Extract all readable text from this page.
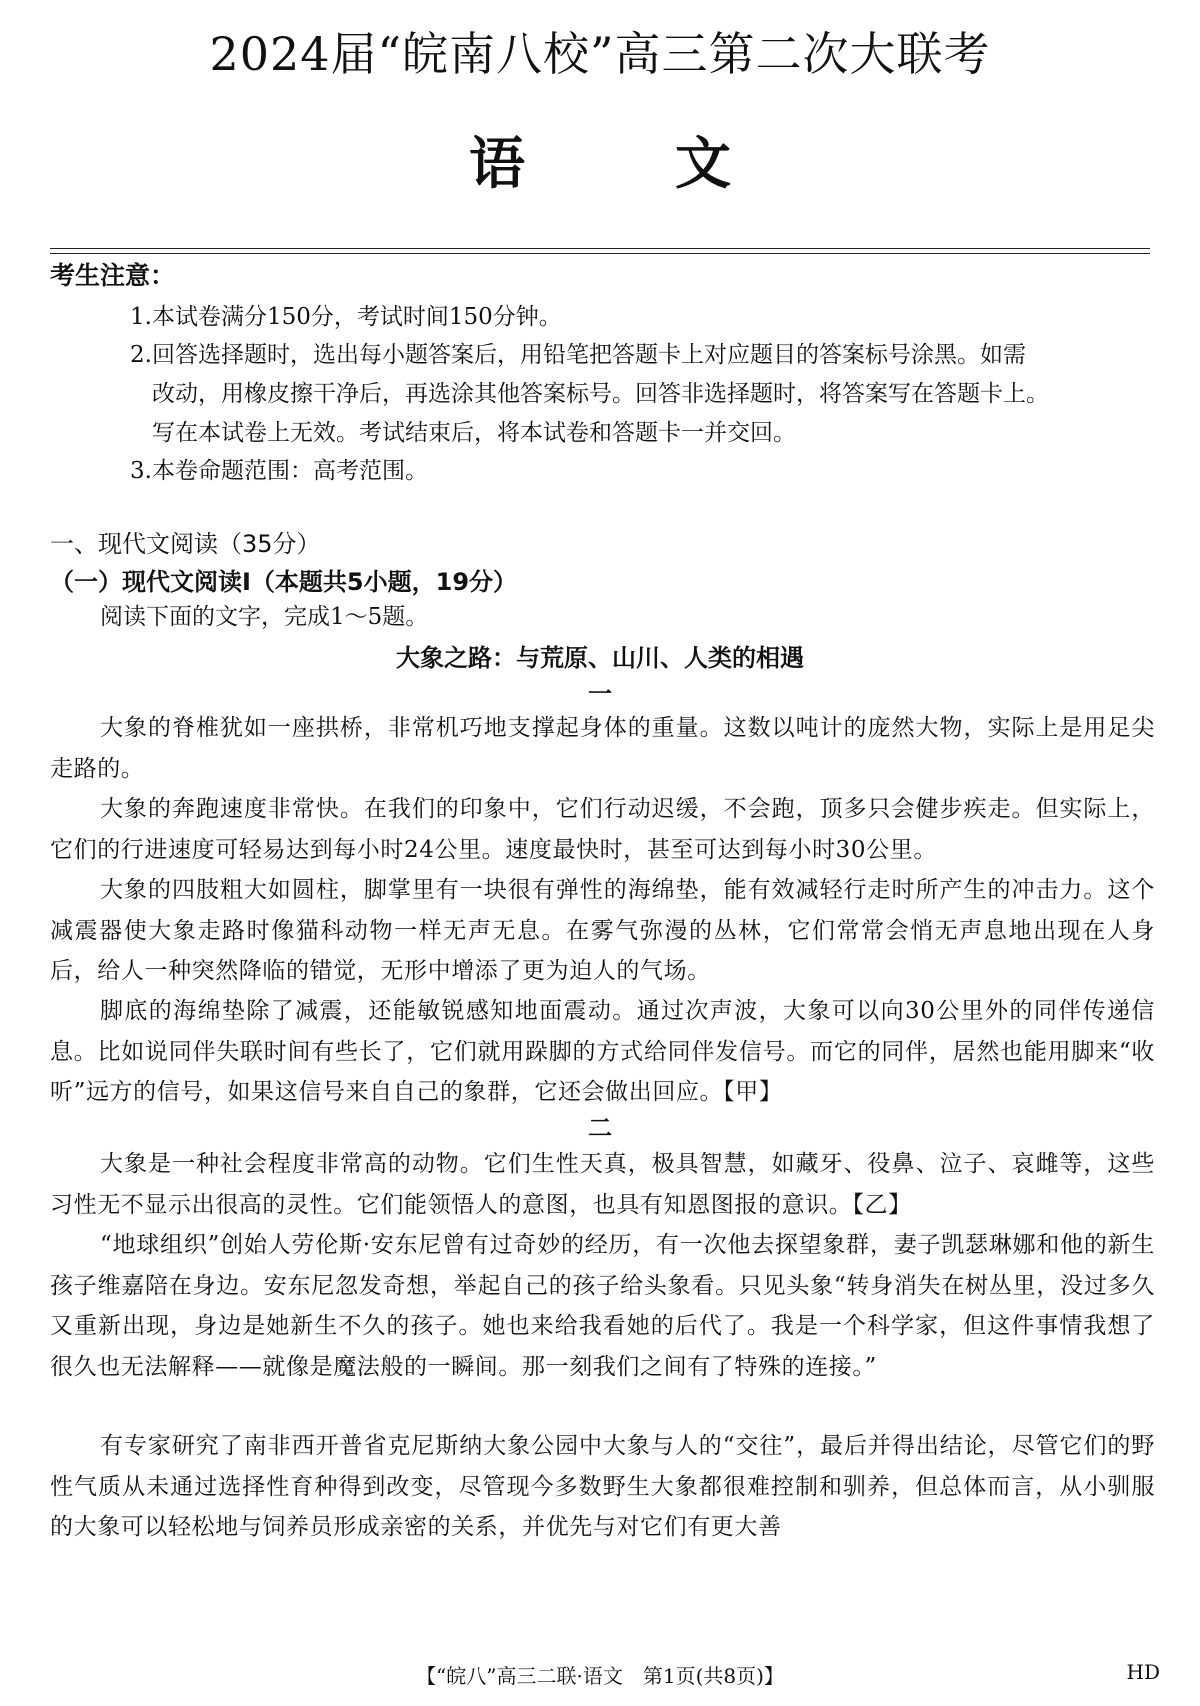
2024届“皖南八校”高三第二次大联考
语文
考生注意：
1.本试卷满分150分，考试时间150分钟。
2.回答选择题时，选出每小题答案后，用铅笔把答题卡上对应题目的答案标号涂黑。如需
改动，用橡皮擦干净后，再选涂其他答案标号。回答非选择题时，将答案写在答题卡上。
写在本试卷上无效。考试结束后，将本试卷和答题卡一并交回。
3.本卷命题范围：高考范围。
一、现代文阅读（35分）
（一）现代文阅读Ⅰ（本题共5小题，19分）
阅读下面的文字，完成1～5题。
大象之路：与荒原、山川、人类的相遇
一
大象的脊椎犹如一座拱桥，非常机巧地支撑起身体的重量。这数以吨计的庞然大物，实际上是用足尖走路的。
大象的奔跑速度非常快。在我们的印象中，它们行动迟缓，不会跑，顶多只会健步疾走。但实际上，它们的行进速度可轻易达到每小时24公里。速度最快时，甚至可达到每小时30公里。
大象的四肢粗大如圆柱，脚掌里有一块很有弹性的海绵垫，能有效减轻行走时所产生的冲击力。这个减震器使大象走路时像猫科动物一样无声无息。在雾气弥漫的丛林，它们常常会悄无声息地出现在人身后，给人一种突然降临的错觉，无形中增添了更为迫人的气场。
脚底的海绵垫除了减震，还能敏锐感知地面震动。通过次声波，大象可以向30公里外的同伴传递信息。比如说同伴失联时间有些长了，它们就用跺脚的方式给同伴发信号。而它的同伴，居然也能用脚来“收听”远方的信号，如果这信号来自自己的象群，它还会做出回应。【甲】
二
大象是一种社会程度非常高的动物。它们生性天真，极具智慧，如藏牙、役鼻、泣子、哀雌等，这些习性无不显示出很高的灵性。它们能领悟人的意图，也具有知恩图报的意识。【乙】
“地球组织”创始人劳伦斯·安东尼曾有过奇妙的经历，有一次他去探望象群，妻子凯瑟琳娜和他的新生孩子维嘉陪在身边。安东尼忽发奇想，举起自己的孩子给头象看。只见头象“转身消失在树丛里，没过多久又重新出现，身边是她新生不久的孩子。她也来给我看她的后代了。我是一个科学家，但这件事情我想了很久也无法解释——就像是魔法般的一瞬间。那一刻我们之间有了特殊的连接。”
有专家研究了南非西开普省克尼斯纳大象公园中大象与人的“交往”，最后并得出结论，尽管它们的野性气质从未通过选择性育种得到改变，尽管现今多数野生大象都很难控制和驯养，但总体而言，从小驯服的大象可以轻松地与饲养员形成亲密的关系，并优先与对它们有更大善
【“皖八”高三二联·语文　第1页(共8页)】	HD
